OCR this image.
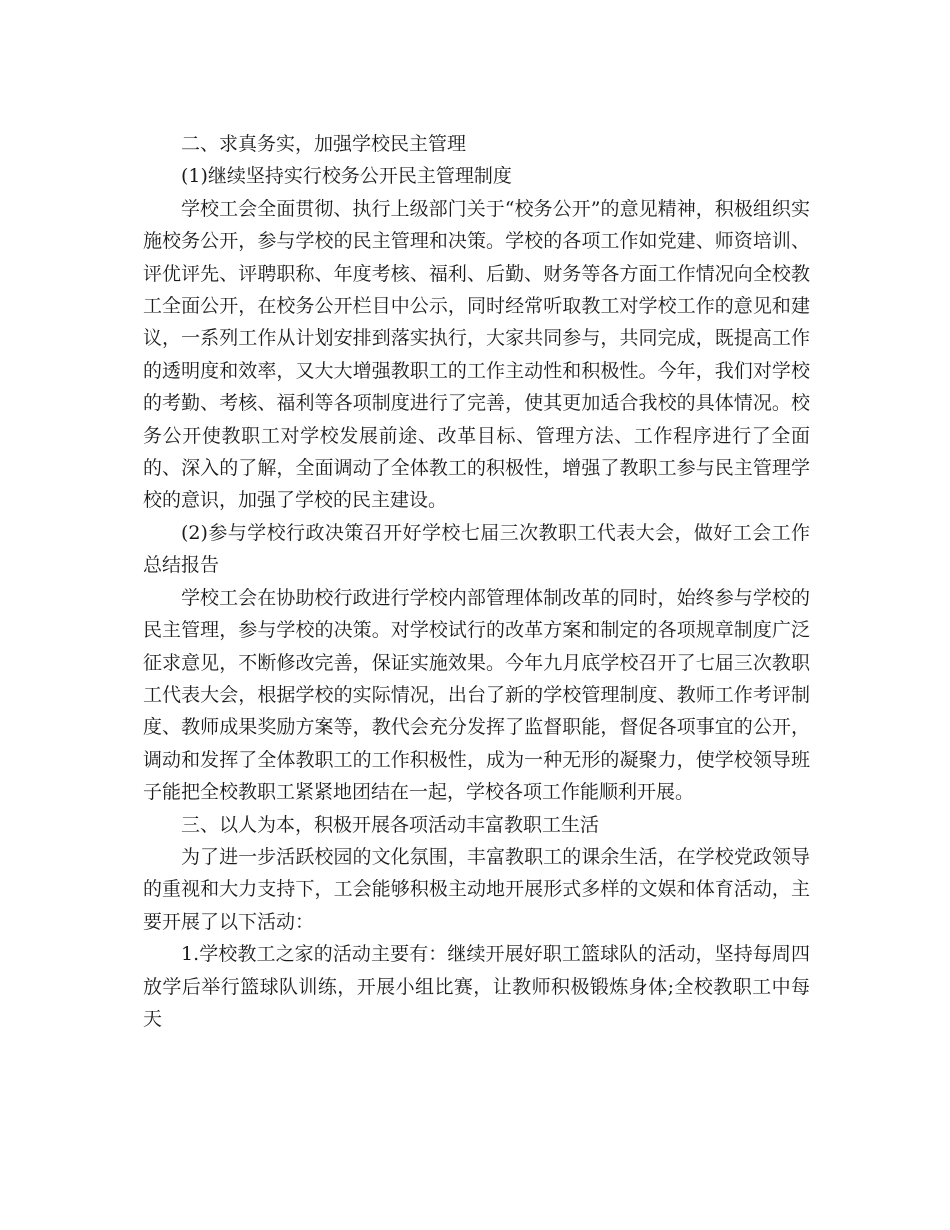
二、求真务实，加强学校民主管理

(1)继续坚持实行校务公开民主管理制度

学校工会全面贯彻、执行上级部门关于“校务公开”的意见精神，积极组织实施校务公开，参与学校的民主管理和决策。学校的各项工作如党建、师资培训、评优评先、评聘职称、年度考核、福利、后勤、财务等各方面工作情况向全校教工全面公开，在校务公开栏目中公示，同时经常听取教工对学校工作的意见和建议，一系列工作从计划安排到落实执行，大家共同参与，共同完成，既提高工作的透明度和效率，又大大增强教职工的工作主动性和积极性。今年，我们对学校的考勤、考核、福利等各项制度进行了完善，使其更加适合我校的具体情况。校务公开使教职工对学校发展前途、改革目标、管理方法、工作程序进行了全面的、深入的了解，全面调动了全体教工的积极性，增强了教职工参与民主管理学校的意识，加强了学校的民主建设。

(2)参与学校行政决策召开好学校七届三次教职工代表大会，做好工会工作总结报告

学校工会在协助校行政进行学校内部管理体制改革的同时，始终参与学校的民主管理，参与学校的决策。对学校试行的改革方案和制定的各项规章制度广泛征求意见，不断修改完善，保证实施效果。今年九月底学校召开了七届三次教职工代表大会，根据学校的实际情况，出台了新的学校管理制度、教师工作考评制度、教师成果奖励方案等，教代会充分发挥了监督职能，督促各项事宜的公开，调动和发挥了全体教职工的工作积极性，成为一种无形的凝聚力，使学校领导班子能把全校教职工紧紧地团结在一起，学校各项工作能顺利开展。

三、以人为本，积极开展各项活动丰富教职工生活

为了进一步活跃校园的文化氛围，丰富教职工的课余生活，在学校党政领导的重视和大力支持下，工会能够积极主动地开展形式多样的文娱和体育活动，主要开展了以下活动：

1.学校教工之家的活动主要有：继续开展好职工篮球队的活动，坚持每周四放学后举行篮球队训练，开展小组比赛，让教师积极锻炼身体;全校教职工中每天
